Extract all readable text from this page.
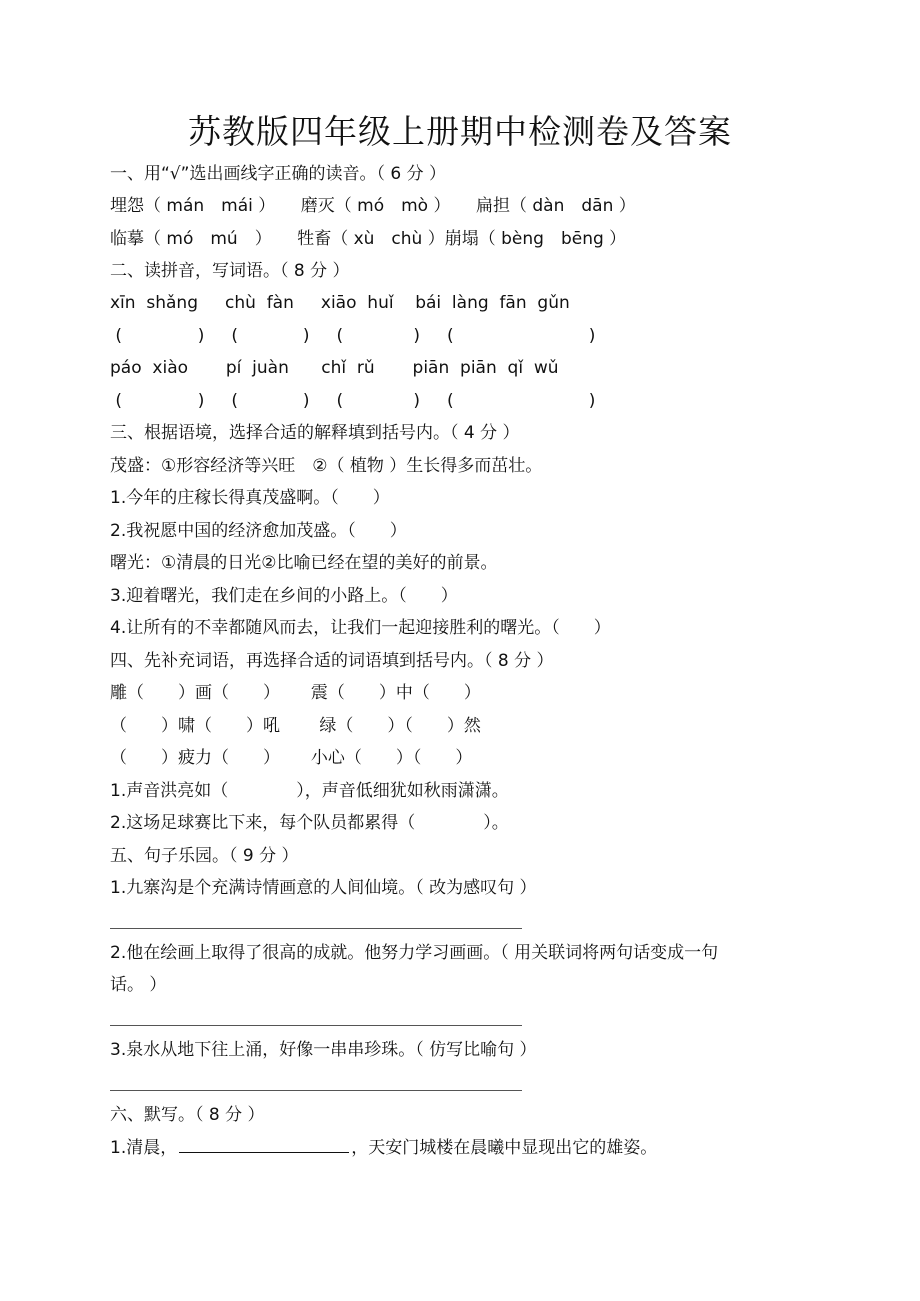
苏教版四年级上册期中检测卷及答案
一、用“√”选出画线字正确的读音。（ 6 分 ）
埋怨（ mán　mái ）　　磨灭（ mó　mò ）　　扁担（ dàn　dān ）
临摹（ mó　mú　）　　牲畜（ xù　chù ）崩塌（ bèng　bēng ）
二、读拼音，写词语。（ 8 分 ）
xīn  shǎng     chù  fàn     xiāo  huǐ    bái  làng  fān  gǔn
(              )     (            )     (             )     (                         )
páo  xiào       pí  juàn      chǐ  rǔ       piān  piān  qǐ  wǔ
(              )     (            )     (             )     (                         )
三、根据语境，选择合适的解释填到括号内。（ 4 分 ）
茂盛：①形容经济等兴旺　②（ 植物 ）生长得多而茁壮。
1.今年的庄稼长得真茂盛啊。（　　）
2.我祝愿中国的经济愈加茂盛。（　　）
曙光：①清晨的日光②比喻已经在望的美好的前景。
3.迎着曙光，我们走在乡间的小路上。（　　）
4.让所有的不幸都随风而去，让我们一起迎接胜利的曙光。（　　）
四、先补充词语，再选择合适的词语填到括号内。（ 8 分 ）
雕（　　）画（　　）　　 震（　　）中（　　）
（　　）啸（　　）吼　　 绿（　　）（　　）然
（　　）疲力（　　）　　 小心（　　）（　　）
1.声音洪亮如（　　　　），声音低细犹如秋雨潇潇。
2.这场足球赛比下来，每个队员都累得（　　　　）。
五、句子乐园。（ 9 分 ）
1.九寨沟是个充满诗情画意的人间仙境。（ 改为感叹句 ）
2.他在绘画上取得了很高的成就。他努力学习画画。（ 用关联词将两句话变成一句
话。 ）
3.泉水从地下往上涌，好像一串串珍珠。（ 仿写比喻句 ）
六、默写。（ 8 分 ）
1.清晨，	，天安门城楼在晨曦中显现出它的雄姿。
